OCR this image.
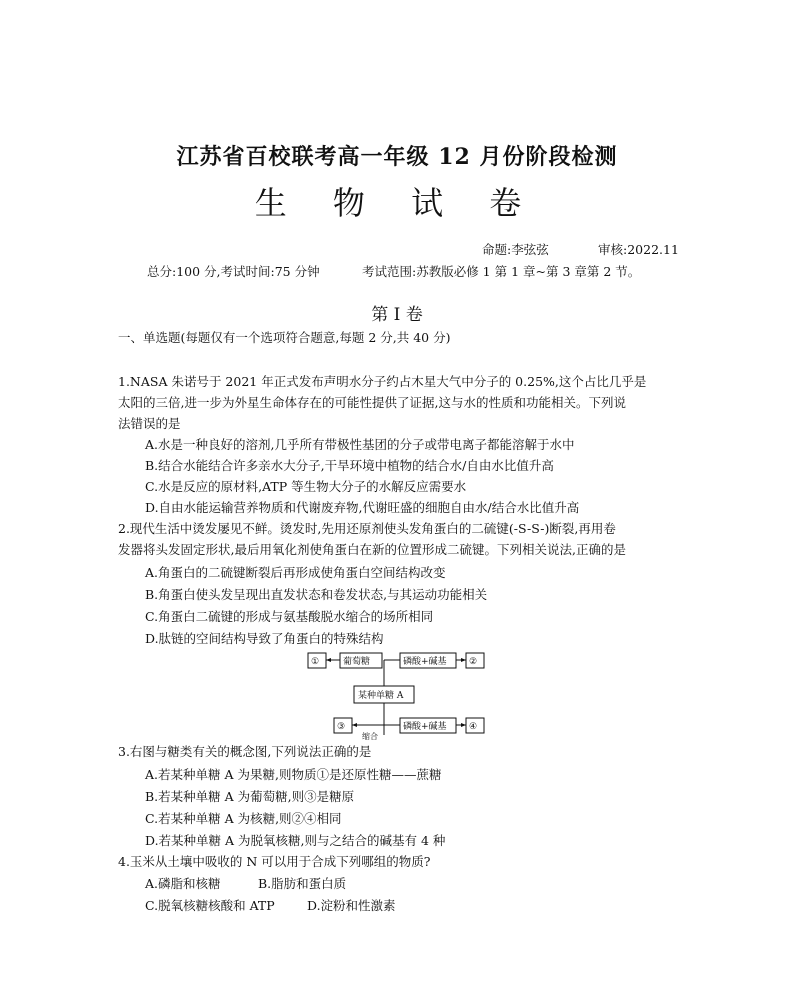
江苏省百校联考高一年级 12 月份阶段检测
生 物 试 卷
命题:李弦弦	审核:2022.11
总分:100 分,考试时间:75 分钟	考试范围:苏教版必修 1 第 1 章~第 3 章第 2 节。
第 I 卷
一、单选题(每题仅有一个选项符合题意,每题 2 分,共 40 分)
1.NASA 朱诺号于 2021 年正式发布声明水分子约占木星大气中分子的 0.25%,这个占比几乎是
太阳的三倍,进一步为外星生命体存在的可能性提供了证据,这与水的性质和功能相关。下列说
法错误的是
A.水是一种良好的溶剂,几乎所有带极性基团的分子或带电离子都能溶解于水中
B.结合水能结合许多亲水大分子,干旱环境中植物的结合水/自由水比值升高
C.水是反应的原材料,ATP 等生物大分子的水解反应需要水
D.自由水能运输营养物质和代谢废弃物,代谢旺盛的细胞自由水/结合水比值升高
2.现代生活中烫发屡见不鲜。烫发时,先用还原剂使头发角蛋白的二硫键(-S-S-)断裂,再用卷
发器将头发固定形状,最后用氧化剂使角蛋白在新的位置形成二硫键。下列相关说法,正确的是
A.角蛋白的二硫键断裂后再形成使角蛋白空间结构改变
B.角蛋白使头发呈现出直发状态和卷发状态,与其运动功能相关
C.角蛋白二硫键的形成与氨基酸脱水缩合的场所相同
D.肽链的空间结构导致了角蛋白的特殊结构
①	葡萄糖	磷酸+碱基 ②
某种单糖 A
③	磷酸+碱基 ④
缩合
3.右图与糖类有关的概念图,下列说法正确的是
A.若某种单糖 A 为果糖,则物质①是还原性糖——蔗糖
B.若某种单糖 A 为葡萄糖,则③是糖原
C.若某种单糖 A 为核糖,则②④相同
D.若某种单糖 A 为脱氧核糖,则与之结合的碱基有 4 种
4.玉米从土壤中吸收的 N 可以用于合成下列哪组的物质?
A.磷脂和核糖	B.脂肪和蛋白质
C.脱氧核糖核酸和 ATP	D.淀粉和性激素
